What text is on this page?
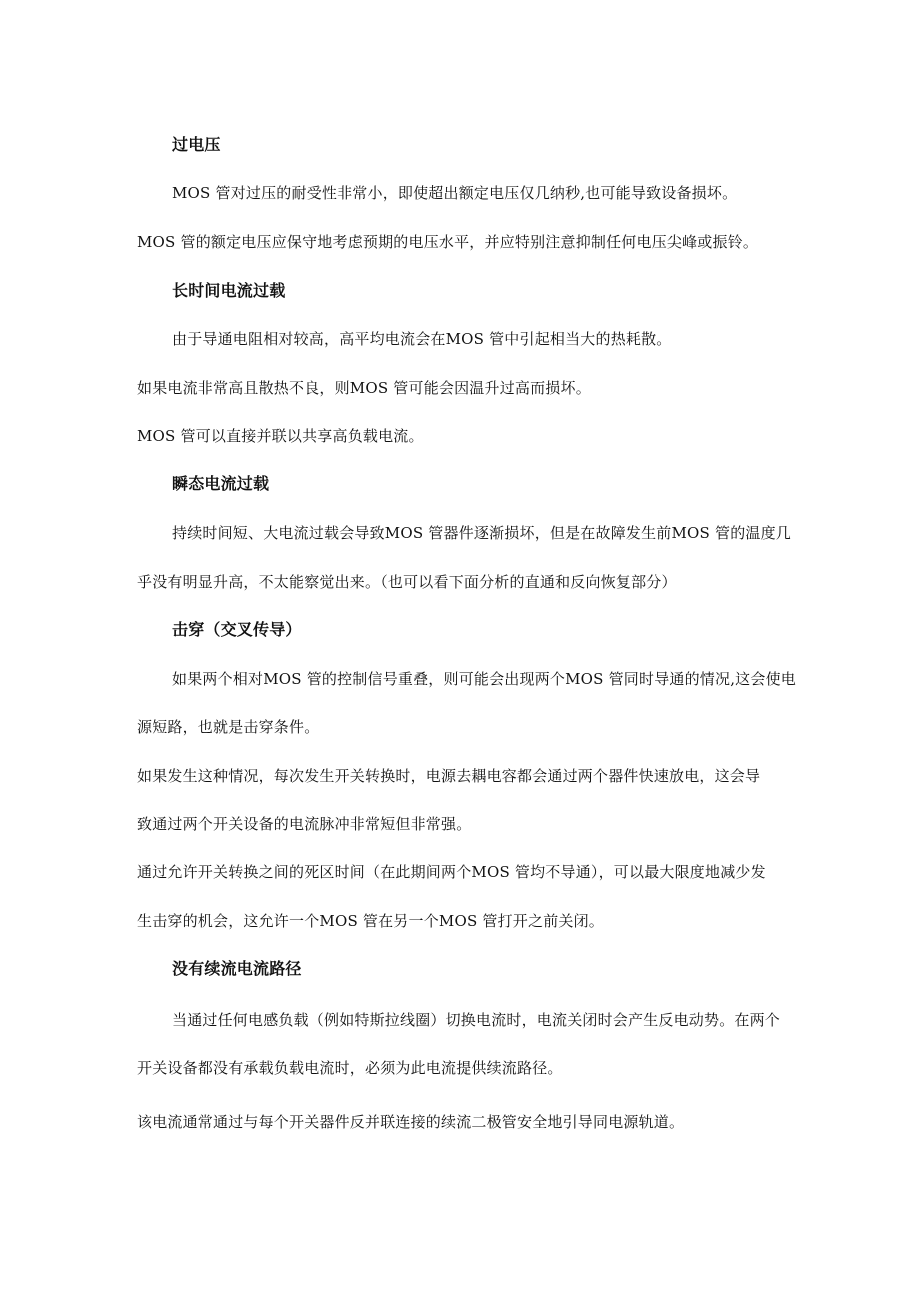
过电压
MOS 管对过压的耐受性非常小，即使超出额定电压仅几纳秒,也可能导致设备损坏。
MOS 管的额定电压应保守地考虑预期的电压水平，并应特别注意抑制任何电压尖峰或振铃。
长时间电流过载
由于导通电阻相对较高，高平均电流会在MOS 管中引起相当大的热耗散。
如果电流非常高且散热不良，则MOS 管可能会因温升过高而损坏。
MOS 管可以直接并联以共享高负载电流。
瞬态电流过载
持续时间短、大电流过载会导致MOS 管器件逐渐损坏，但是在故障发生前MOS 管的温度几
乎没有明显升高，不太能察觉出来。（也可以看下面分析的直通和反向恢复部分）
击穿（交叉传导）
如果两个相对MOS 管的控制信号重叠，则可能会出现两个MOS 管同时导通的情况,这会使电
源短路，也就是击穿条件。
如果发生这种情况，每次发生开关转换时，电源去耦电容都会通过两个器件快速放电，这会导
致通过两个开关设备的电流脉冲非常短但非常强。
通过允许开关转换之间的死区时间（在此期间两个MOS 管均不导通），可以最大限度地减少发
生击穿的机会，这允许一个MOS 管在另一个MOS 管打开之前关闭。
没有续流电流路径
当通过任何电感负载（例如特斯拉线圈）切换电流时，电流关闭时会产生反电动势。在两个
开关设备都没有承载负载电流时，必须为此电流提供续流路径。
该电流通常通过与每个开关器件反并联连接的续流二极管安全地引导同电源轨道。
